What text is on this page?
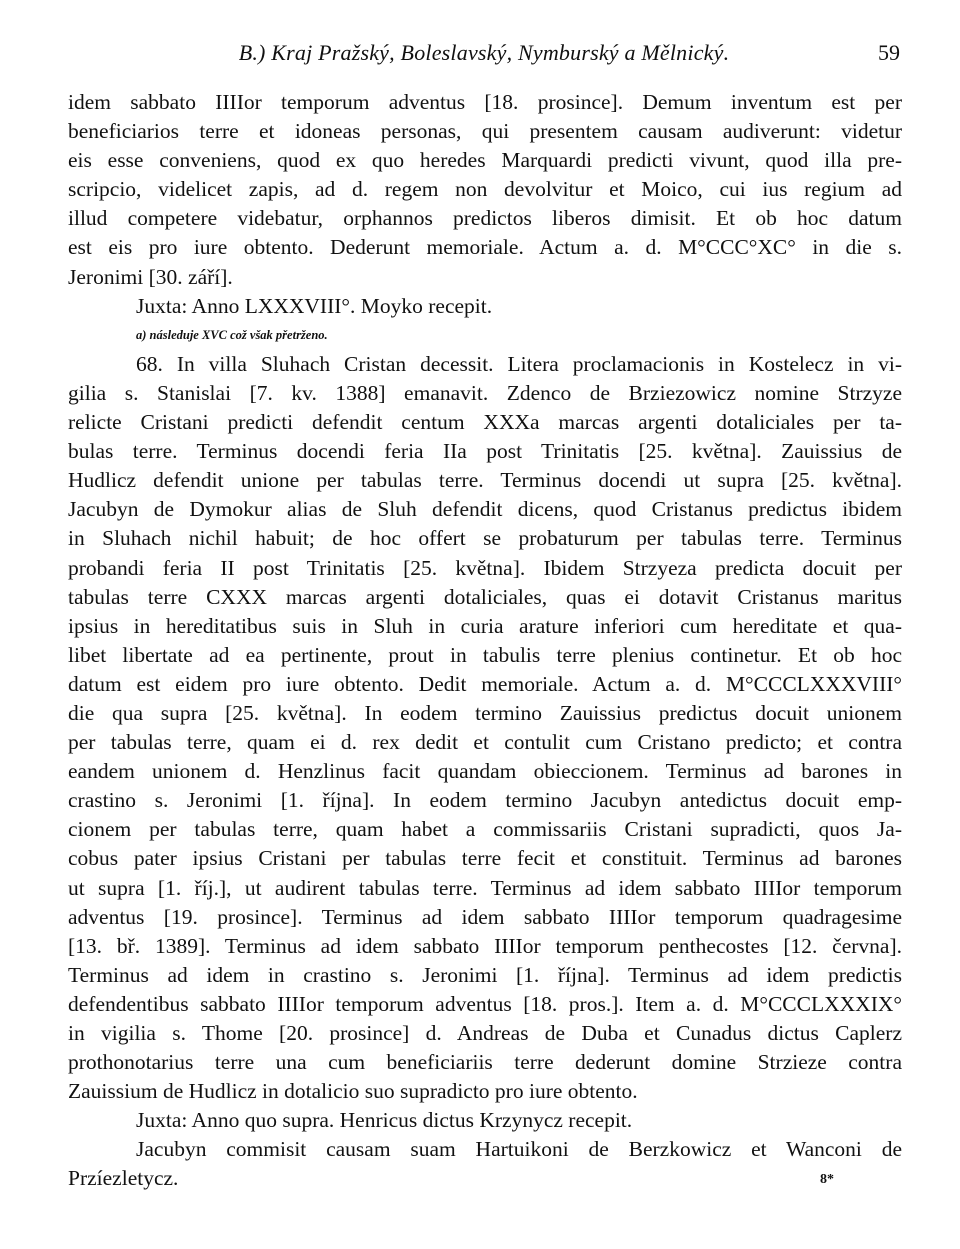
B.) Kraj Pražský, Boleslavský, Nymburský a Mělnický.	59
idem sabbato IIIIor temporum adventus [18. prosince]. Demum inventum est per
beneficiarios terre et idoneas personas, qui presentem causam audiverunt: videtur
eis esse conveniens, quod ex quo heredes Marquardi predicti vivunt, quod illa pre-
scripcio, videlicet zapis, ad d. regem non devolvitur et Moico, cui ius regium ad
illud competere videbatur, orphannos predictos liberos dimisit. Et ob hoc datum
est eis pro iure obtento. Dederunt memoriale. Actum a. d. M°CCC°XC° in die s.
Jeronimi [30. září].
Juxta: Anno LXXXVIII°. Moyko recepit.
a) následuje XVC což však přetrženo.
68. In villa Sluhach Cristan decessit. Litera proclamacionis in Kostelecz in vi-
gilia s. Stanislai [7. kv. 1388] emanavit. Zdenco de Brziezowicz nomine Strzyze
relicte Cristani predicti defendit centum XXXa marcas argenti dotaliciales per ta-
bulas terre. Terminus docendi feria IIa post Trinitatis [25. května]. Zauissius de
Hudlicz defendit unione per tabulas terre. Terminus docendi ut supra [25. května].
Jacubyn de Dymokur alias de Sluh defendit dicens, quod Cristanus predictus ibidem
in Sluhach nichil habuit; de hoc offert se probaturum per tabulas terre. Terminus
probandi feria II post Trinitatis [25. května]. Ibidem Strzyeza predicta docuit per
tabulas terre CXXX marcas argenti dotaliciales, quas ei dotavit Cristanus maritus
ipsius in hereditatibus suis in Sluh in curia arature inferiori cum hereditate et qua-
libet libertate ad ea pertinente, prout in tabulis terre plenius continetur. Et ob hoc
datum est eidem pro iure obtento. Dedit memoriale. Actum a. d. M°CCCLXXXVIII°
die qua supra [25. května]. In eodem termino Zauissius predictus docuit unionem
per tabulas terre, quam ei d. rex dedit et contulit cum Cristano predicto; et contra
eandem unionem d. Henzlinus facit quandam obieccionem. Terminus ad barones in
crastino s. Jeronimi [1. října]. In eodem termino Jacubyn antedictus docuit emp-
cionem per tabulas terre, quam habet a commissariis Cristani supradicti, quos Ja-
cobus pater ipsius Cristani per tabulas terre fecit et constituit. Terminus ad barones
ut supra [1. říj.], ut audirent tabulas terre. Terminus ad idem sabbato IIIIor temporum
adventus [19. prosince]. Terminus ad idem sabbato IIIIor temporum quadragesime
[13. bř. 1389]. Terminus ad idem sabbato IIIIor temporum penthecostes [12. června].
Terminus ad idem in crastino s. Jeronimi [1. října]. Terminus ad idem predictis
defendentibus sabbato IIIIor temporum adventus [18. pros.]. Item a. d. M°CCCLXXXIX°
in vigilia s. Thome [20. prosince] d. Andreas de Duba et Cunadus dictus Caplerz
prothonotarius terre una cum beneficiariis terre dederunt domine Strzieze contra
Zauissium de Hudlicz in dotalicio suo supradicto pro iure obtento.
Juxta: Anno quo supra. Henricus dictus Krzynycz recepit.
Jacubyn commisit causam suam Hartuikoni de Berzkowicz et Wanconi de
Przíezletycz.	8*
